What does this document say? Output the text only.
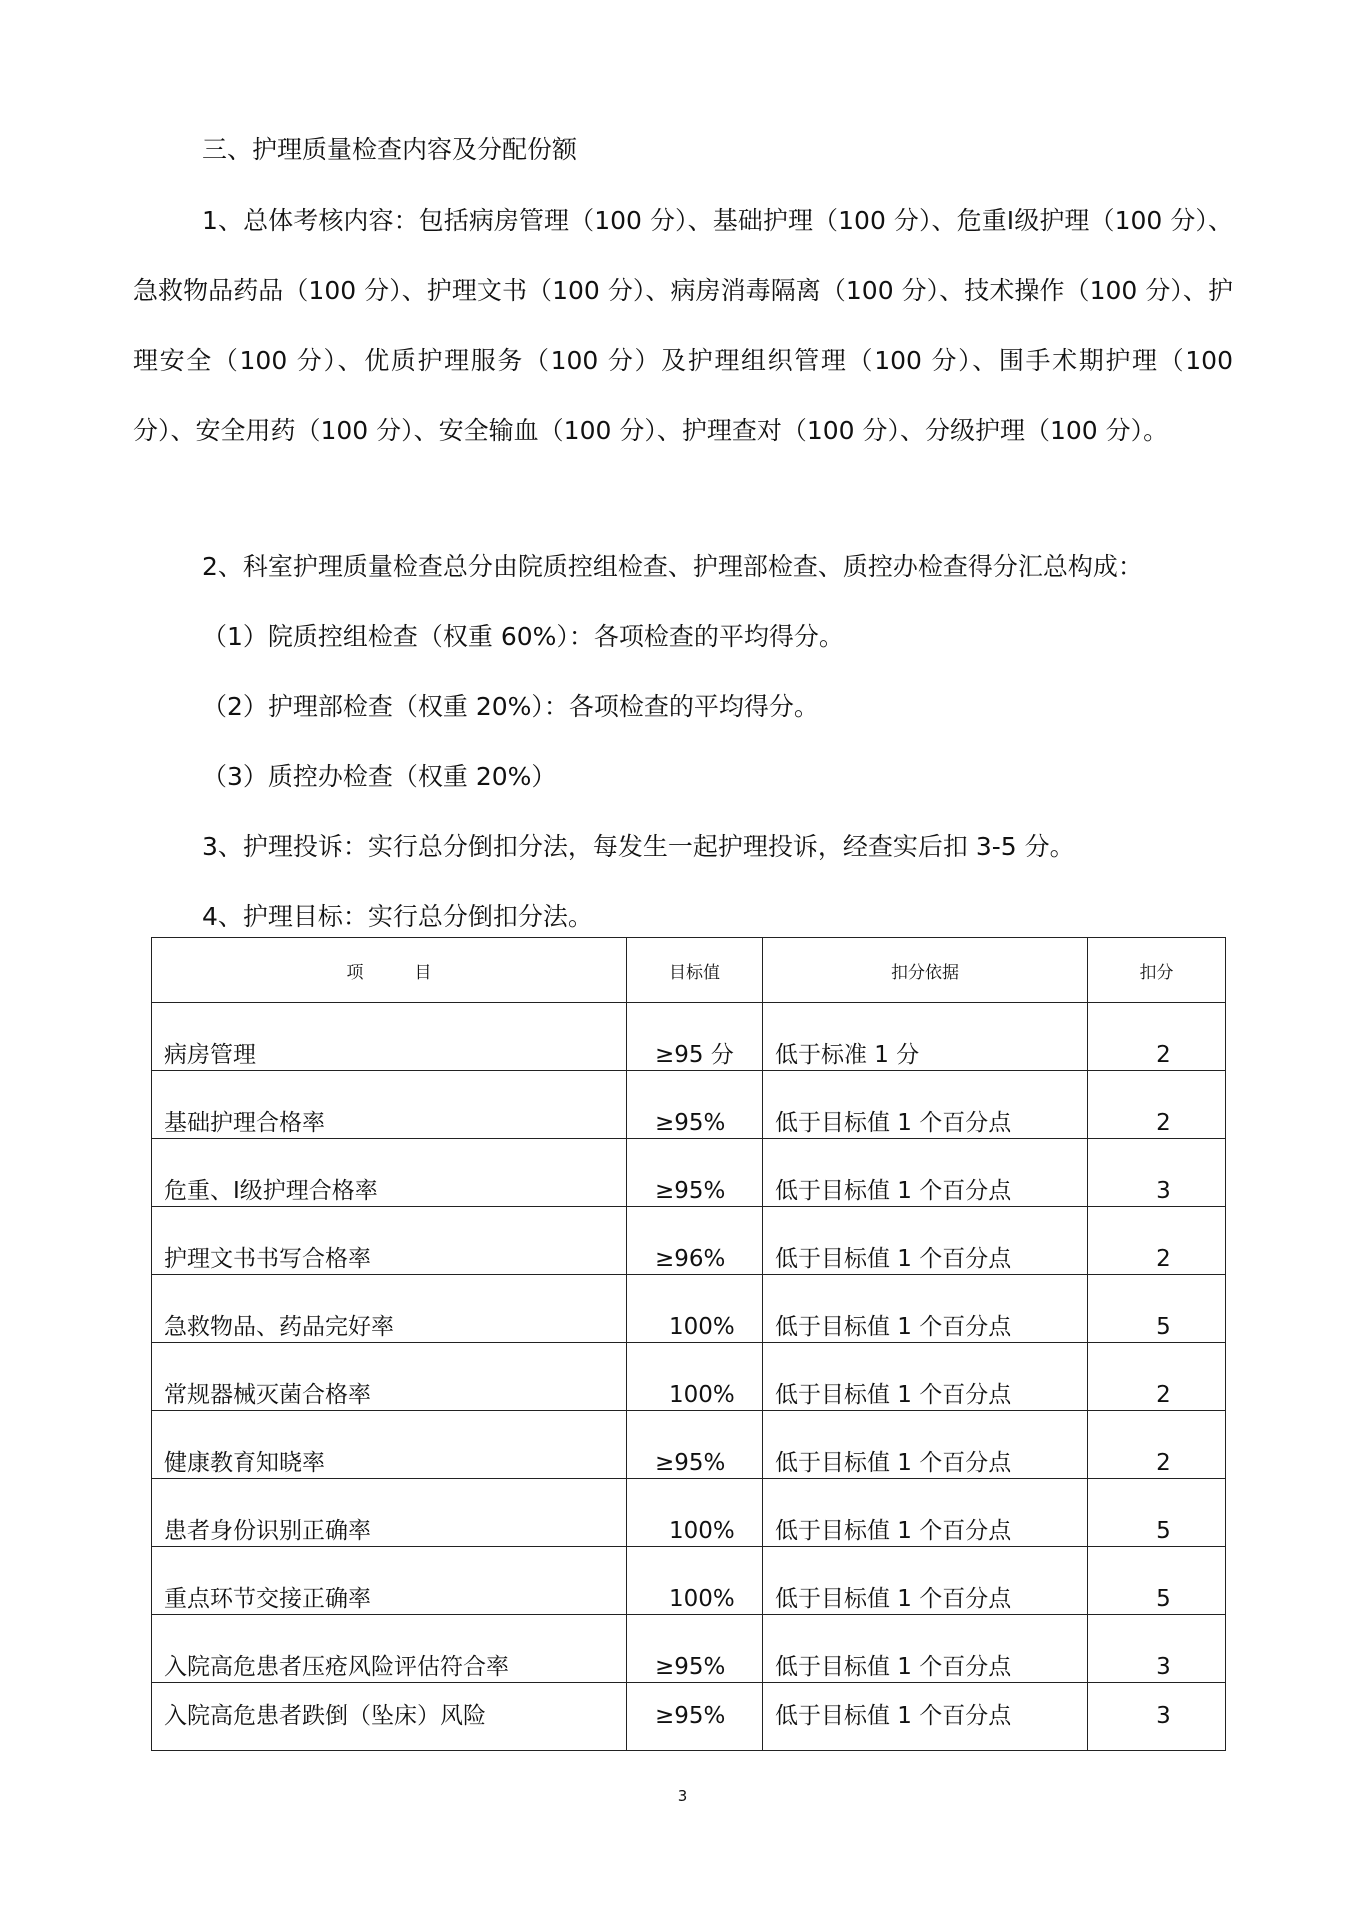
三、护理质量检查内容及分配份额

1、总体考核内容：包括病房管理（100 分）、基础护理（100 分）、危重Ⅰ级护理（100 分）、急救物品药品（100 分）、护理文书（100 分）、病房消毒隔离（100 分）、技术操作（100 分）、护理安全（100 分）、优质护理服务（100 分）及护理组织管理（100 分）、围手术期护理（100 分）、安全用药（100 分）、安全输血（100 分）、护理查对（100 分）、分级护理（100 分）。

2、科室护理质量检查总分由院质控组检查、护理部检查、质控办检查得分汇总构成：

（1）院质控组检查（权重 60%）：各项检查的平均得分。

（2）护理部检查（权重 20%）：各项检查的平均得分。

（3）质控办检查（权重 20%）

3、护理投诉：实行总分倒扣分法，每发生一起护理投诉，经查实后扣 3-5 分。

4、护理目标：实行总分倒扣分法。

项　　　目	目标值	扣分依据	扣分
病房管理	≥95 分	低于标准 1 分	2
基础护理合格率	≥95%	低于目标值 1 个百分点	2
危重、Ⅰ级护理合格率	≥95%	低于目标值 1 个百分点	3
护理文书书写合格率	≥96%	低于目标值 1 个百分点	2
急救物品、药品完好率	100%	低于目标值 1 个百分点	5
常规器械灭菌合格率	100%	低于目标值 1 个百分点	2
健康教育知晓率	≥95%	低于目标值 1 个百分点	2
患者身份识别正确率	100%	低于目标值 1 个百分点	5
重点环节交接正确率	100%	低于目标值 1 个百分点	5
入院高危患者压疮风险评估符合率	≥95%	低于目标值 1 个百分点	3
入院高危患者跌倒（坠床）风险	≥95%	低于目标值 1 个百分点	3
3
